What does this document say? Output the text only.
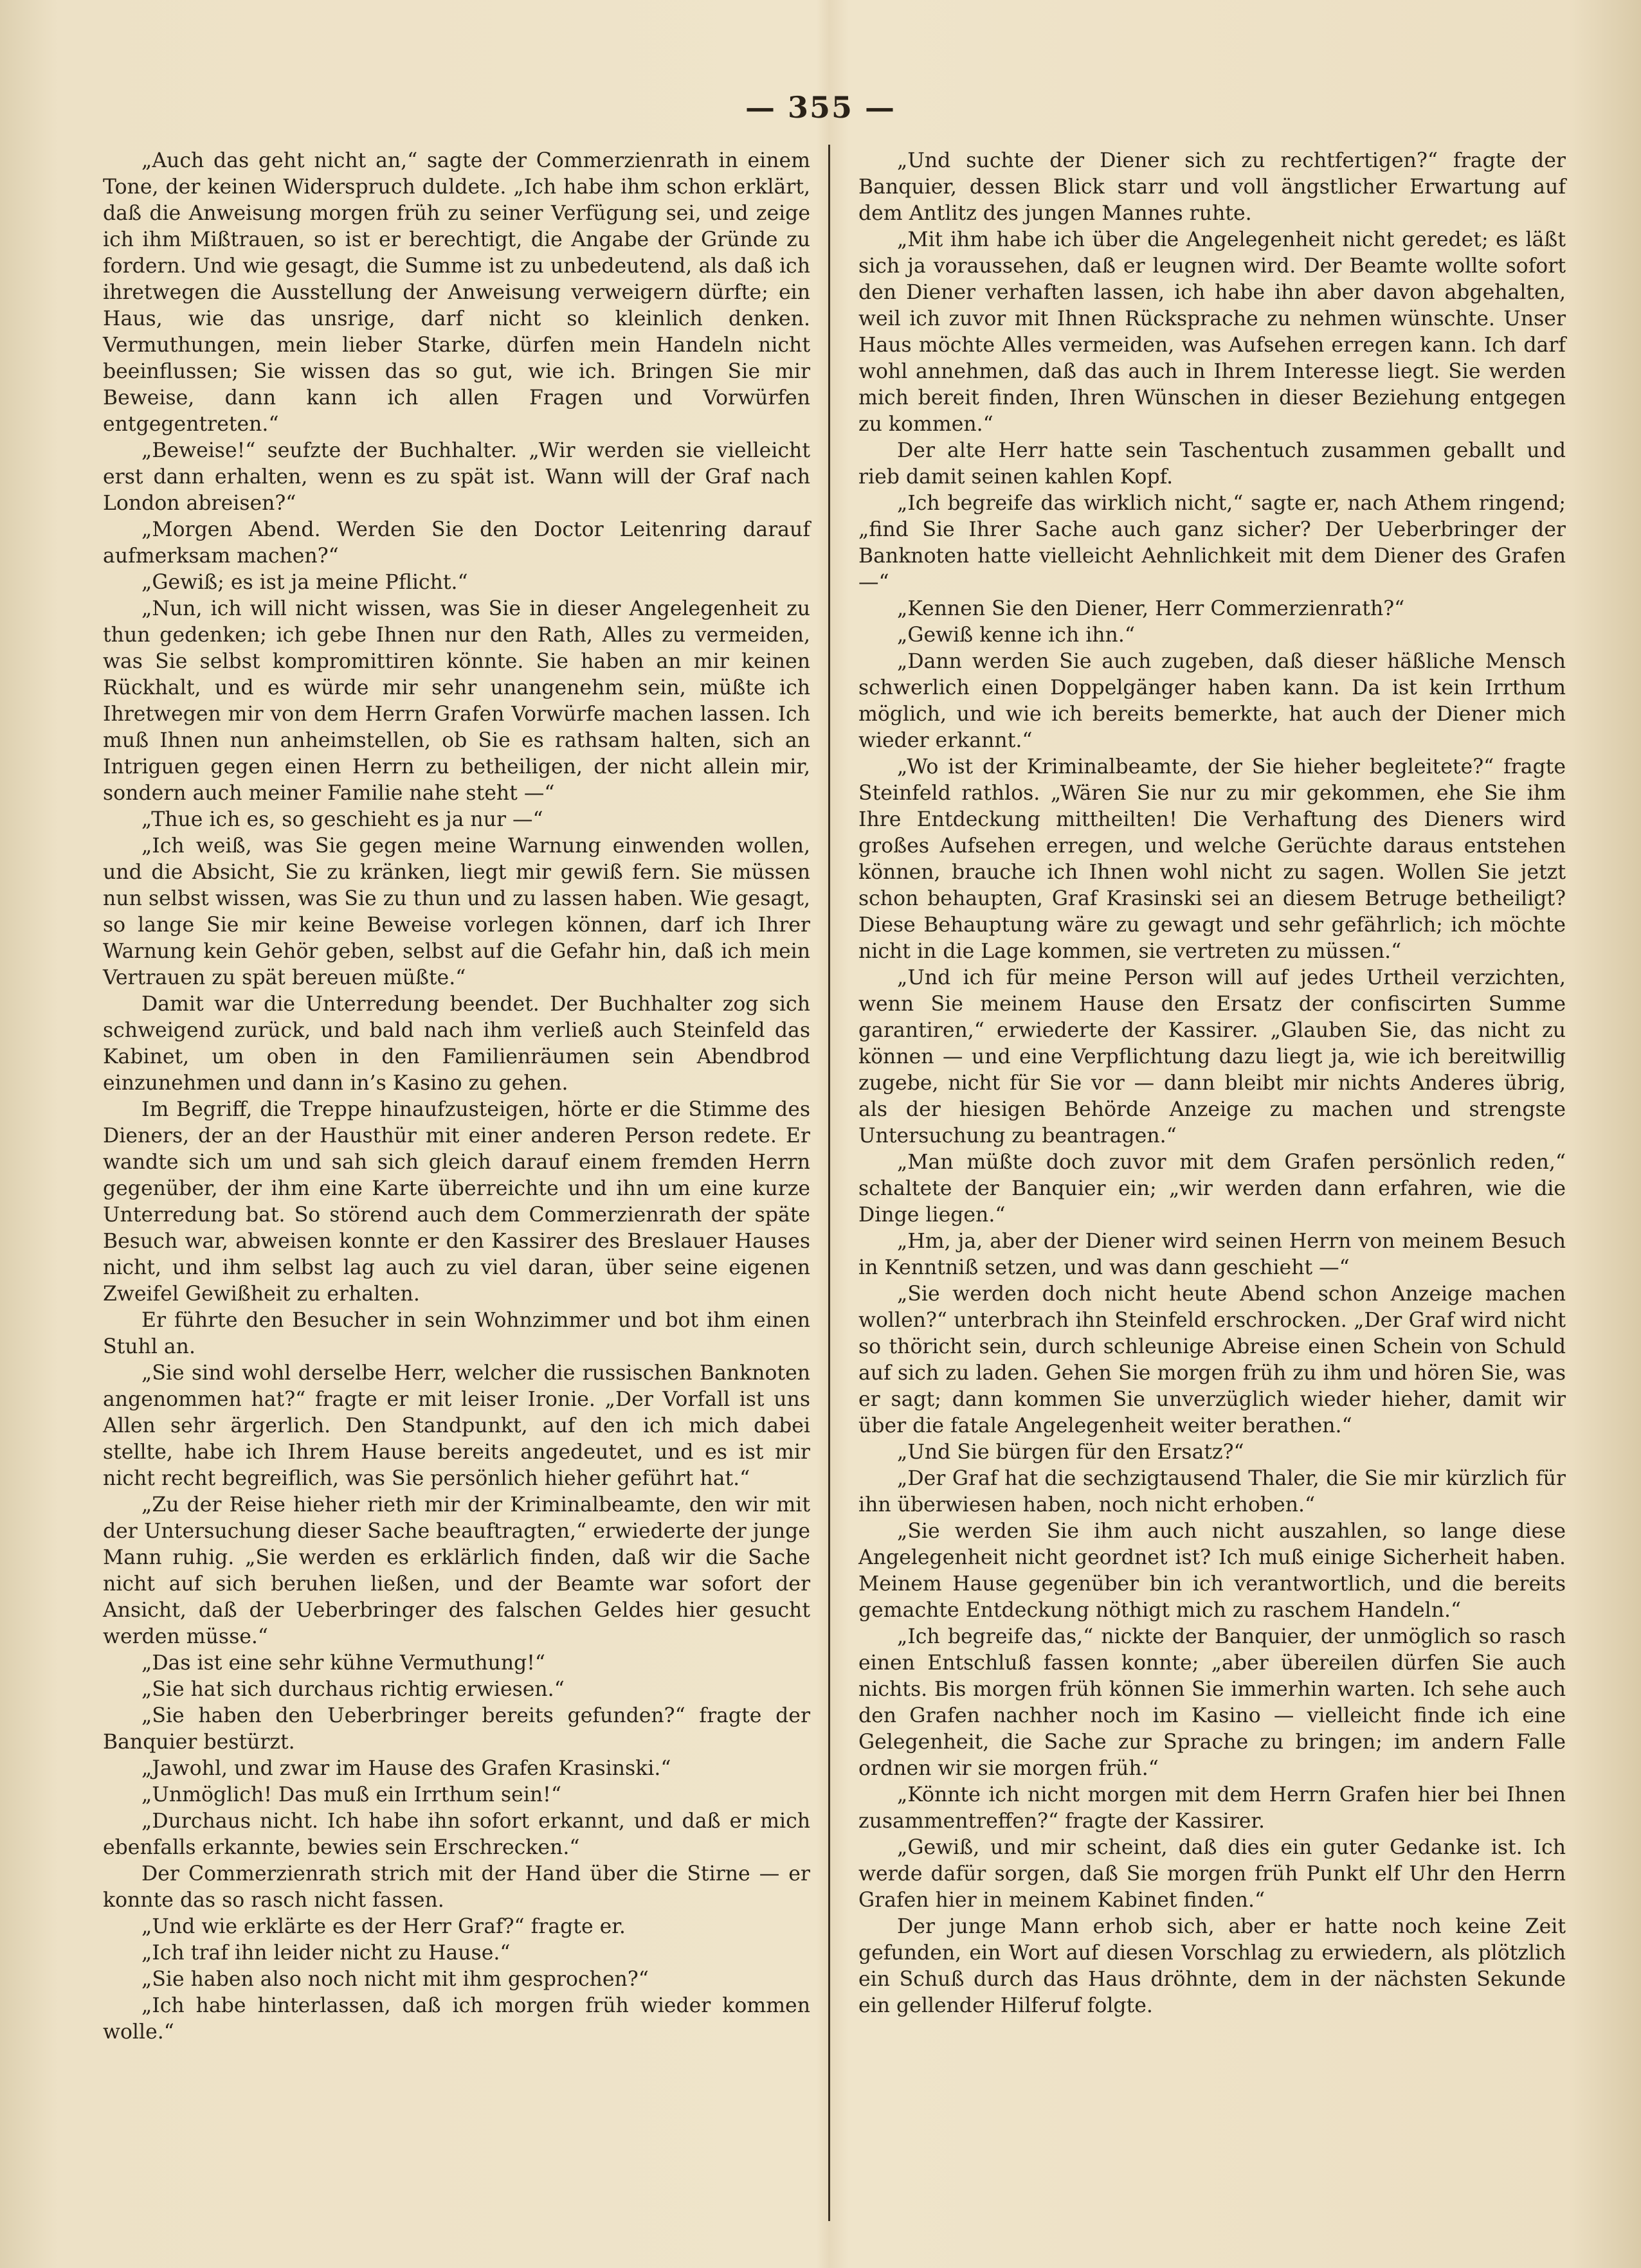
— 355 —

„Auch das geht nicht an,“ sagte der Commerzienrath in einem Tone, der keinen Widerspruch duldete. „Ich habe ihm schon erklärt, daß die Anweisung morgen früh zu seiner Verfügung sei, und zeige ich ihm Mißtrauen, so ist er berechtigt, die Angabe der Gründe zu fordern. Und wie gesagt, die Summe ist zu unbedeutend, als daß ich ihretwegen die Ausstellung der Anweisung verweigern dürfte; ein Haus, wie das unsrige, darf nicht so kleinlich denken. Vermuthungen, mein lieber Starke, dürfen mein Handeln nicht beeinflussen; Sie wissen das so gut, wie ich. Bringen Sie mir Beweise, dann kann ich allen Fragen und Vorwürfen entgegentreten.“

„Beweise!“ seufzte der Buchhalter. „Wir werden sie vielleicht erst dann erhalten, wenn es zu spät ist. Wann will der Graf nach London abreisen?“

„Morgen Abend. Werden Sie den Doctor Leitenring darauf aufmerksam machen?“

„Gewiß; es ist ja meine Pflicht.“

„Nun, ich will nicht wissen, was Sie in dieser Angelegenheit zu thun gedenken; ich gebe Ihnen nur den Rath, Alles zu vermeiden, was Sie selbst kompromittiren könnte. Sie haben an mir keinen Rückhalt, und es würde mir sehr unangenehm sein, müßte ich Ihretwegen mir von dem Herrn Grafen Vorwürfe machen lassen. Ich muß Ihnen nun anheimstellen, ob Sie es rathsam halten, sich an Intriguen gegen einen Herrn zu betheiligen, der nicht allein mir, sondern auch meiner Familie nahe steht —“

„Thue ich es, so geschieht es ja nur —“

„Ich weiß, was Sie gegen meine Warnung einwenden wollen, und die Absicht, Sie zu kränken, liegt mir gewiß fern. Sie müssen nun selbst wissen, was Sie zu thun und zu lassen haben. Wie gesagt, so lange Sie mir keine Beweise vorlegen können, darf ich Ihrer Warnung kein Gehör geben, selbst auf die Gefahr hin, daß ich mein Vertrauen zu spät bereuen müßte.“

Damit war die Unterredung beendet. Der Buchhalter zog sich schweigend zurück, und bald nach ihm verließ auch Steinfeld das Kabinet, um oben in den Familienräumen sein Abendbrod einzunehmen und dann in’s Kasino zu gehen.

Im Begriff, die Treppe hinaufzusteigen, hörte er die Stimme des Dieners, der an der Hausthür mit einer anderen Person redete. Er wandte sich um und sah sich gleich darauf einem fremden Herrn gegenüber, der ihm eine Karte überreichte und ihn um eine kurze Unterredung bat. So störend auch dem Commerzienrath der späte Besuch war, abweisen konnte er den Kassirer des Breslauer Hauses nicht, und ihm selbst lag auch zu viel daran, über seine eigenen Zweifel Gewißheit zu erhalten.

Er führte den Besucher in sein Wohnzimmer und bot ihm einen Stuhl an.

„Sie sind wohl derselbe Herr, welcher die russischen Banknoten angenommen hat?“ fragte er mit leiser Ironie. „Der Vorfall ist uns Allen sehr ärgerlich. Den Standpunkt, auf den ich mich dabei stellte, habe ich Ihrem Hause bereits angedeutet, und es ist mir nicht recht begreiflich, was Sie persönlich hieher geführt hat.“

„Zu der Reise hieher rieth mir der Kriminalbeamte, den wir mit der Untersuchung dieser Sache beauftragten,“ erwiederte der junge Mann ruhig. „Sie werden es erklärlich finden, daß wir die Sache nicht auf sich beruhen ließen, und der Beamte war sofort der Ansicht, daß der Ueberbringer des falschen Geldes hier gesucht werden müsse.“

„Das ist eine sehr kühne Vermuthung!“

„Sie hat sich durchaus richtig erwiesen.“

„Sie haben den Ueberbringer bereits gefunden?“ fragte der Banquier bestürzt.

„Jawohl, und zwar im Hause des Grafen Krasinski.“

„Unmöglich! Das muß ein Irrthum sein!“

„Durchaus nicht. Ich habe ihn sofort erkannt, und daß er mich ebenfalls erkannte, bewies sein Erschrecken.“

Der Commerzienrath strich mit der Hand über die Stirne — er konnte das so rasch nicht fassen.

„Und wie erklärte es der Herr Graf?“ fragte er.

„Ich traf ihn leider nicht zu Hause.“

„Sie haben also noch nicht mit ihm gesprochen?“

„Ich habe hinterlassen, daß ich morgen früh wieder kommen wolle.“

„Und suchte der Diener sich zu rechtfertigen?“ fragte der Banquier, dessen Blick starr und voll ängstlicher Erwartung auf dem Antlitz des jungen Mannes ruhte.

„Mit ihm habe ich über die Angelegenheit nicht geredet; es läßt sich ja voraussehen, daß er leugnen wird. Der Beamte wollte sofort den Diener verhaften lassen, ich habe ihn aber davon abgehalten, weil ich zuvor mit Ihnen Rücksprache zu nehmen wünschte. Unser Haus möchte Alles vermeiden, was Aufsehen erregen kann. Ich darf wohl annehmen, daß das auch in Ihrem Interesse liegt. Sie werden mich bereit finden, Ihren Wünschen in dieser Beziehung entgegen zu kommen.“

Der alte Herr hatte sein Taschentuch zusammen geballt und rieb damit seinen kahlen Kopf.

„Ich begreife das wirklich nicht,“ sagte er, nach Athem ringend; „find Sie Ihrer Sache auch ganz sicher? Der Ueberbringer der Banknoten hatte vielleicht Aehnlichkeit mit dem Diener des Grafen —“

„Kennen Sie den Diener, Herr Commerzienrath?“

„Gewiß kenne ich ihn.“

„Dann werden Sie auch zugeben, daß dieser häßliche Mensch schwerlich einen Doppelgänger haben kann. Da ist kein Irrthum möglich, und wie ich bereits bemerkte, hat auch der Diener mich wieder erkannt.“

„Wo ist der Kriminalbeamte, der Sie hieher begleitete?“ fragte Steinfeld rathlos. „Wären Sie nur zu mir gekommen, ehe Sie ihm Ihre Entdeckung mittheilten! Die Verhaftung des Dieners wird großes Aufsehen erregen, und welche Gerüchte daraus entstehen können, brauche ich Ihnen wohl nicht zu sagen. Wollen Sie jetzt schon behaupten, Graf Krasinski sei an diesem Betruge betheiligt? Diese Behauptung wäre zu gewagt und sehr gefährlich; ich möchte nicht in die Lage kommen, sie vertreten zu müssen.“

„Und ich für meine Person will auf jedes Urtheil verzichten, wenn Sie meinem Hause den Ersatz der confiscirten Summe garantiren,“ erwiederte der Kassirer. „Glauben Sie, das nicht zu können — und eine Verpflichtung dazu liegt ja, wie ich bereitwillig zugebe, nicht für Sie vor — dann bleibt mir nichts Anderes übrig, als der hiesigen Behörde Anzeige zu machen und strengste Untersuchung zu beantragen.“

„Man müßte doch zuvor mit dem Grafen persönlich reden,“ schaltete der Banquier ein; „wir werden dann erfahren, wie die Dinge liegen.“

„Hm, ja, aber der Diener wird seinen Herrn von meinem Besuch in Kenntniß setzen, und was dann geschieht —“

„Sie werden doch nicht heute Abend schon Anzeige machen wollen?“ unterbrach ihn Steinfeld erschrocken. „Der Graf wird nicht so thöricht sein, durch schleunige Abreise einen Schein von Schuld auf sich zu laden. Gehen Sie morgen früh zu ihm und hören Sie, was er sagt; dann kommen Sie unverzüglich wieder hieher, damit wir über die fatale Angelegenheit weiter berathen.“

„Und Sie bürgen für den Ersatz?“

„Der Graf hat die sechzigtausend Thaler, die Sie mir kürzlich für ihn überwiesen haben, noch nicht erhoben.“

„Sie werden Sie ihm auch nicht auszahlen, so lange diese Angelegenheit nicht geordnet ist? Ich muß einige Sicherheit haben. Meinem Hause gegenüber bin ich verantwortlich, und die bereits gemachte Entdeckung nöthigt mich zu raschem Handeln.“

„Ich begreife das,“ nickte der Banquier, der unmöglich so rasch einen Entschluß fassen konnte; „aber übereilen dürfen Sie auch nichts. Bis morgen früh können Sie immerhin warten. Ich sehe auch den Grafen nachher noch im Kasino — vielleicht finde ich eine Gelegenheit, die Sache zur Sprache zu bringen; im andern Falle ordnen wir sie morgen früh.“

„Könnte ich nicht morgen mit dem Herrn Grafen hier bei Ihnen zusammentreffen?“ fragte der Kassirer.

„Gewiß, und mir scheint, daß dies ein guter Gedanke ist. Ich werde dafür sorgen, daß Sie morgen früh Punkt elf Uhr den Herrn Grafen hier in meinem Kabinet finden.“

Der junge Mann erhob sich, aber er hatte noch keine Zeit gefunden, ein Wort auf diesen Vorschlag zu erwiedern, als plötzlich ein Schuß durch das Haus dröhnte, dem in der nächsten Sekunde ein gellender Hilferuf folgte.
